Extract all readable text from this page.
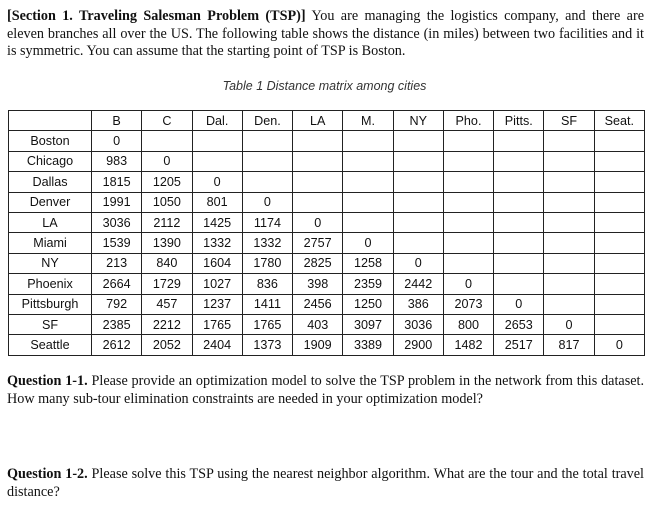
[Section 1. Traveling Salesman Problem (TSP)] You are managing the logistics company, and there are eleven branches all over the US. The following table shows the distance (in miles) between two facilities and it is symmetric. You can assume that the starting point of TSP is Boston.
Table 1 Distance matrix among cities
	B	C	Dal.	Den.	LA	M.	NY	Pho.	Pitts.	SF	Seat.
Boston	0										
Chicago	983	0									
Dallas	1815	1205	0								
Denver	1991	1050	801	0							
LA	3036	2112	1425	1174	0						
Miami	1539	1390	1332	1332	2757	0					
NY	213	840	1604	1780	2825	1258	0				
Phoenix	2664	1729	1027	836	398	2359	2442	0			
Pittsburgh	792	457	1237	1411	2456	1250	386	2073	0		
SF	2385	2212	1765	1765	403	3097	3036	800	2653	0	
Seattle	2612	2052	2404	1373	1909	3389	2900	1482	2517	817	0
Question 1-1. Please provide an optimization model to solve the TSP problem in the network from this dataset. How many sub-tour elimination constraints are needed in your optimization model?
Question 1-2. Please solve this TSP using the nearest neighbor algorithm. What are the tour and the total travel distance?
